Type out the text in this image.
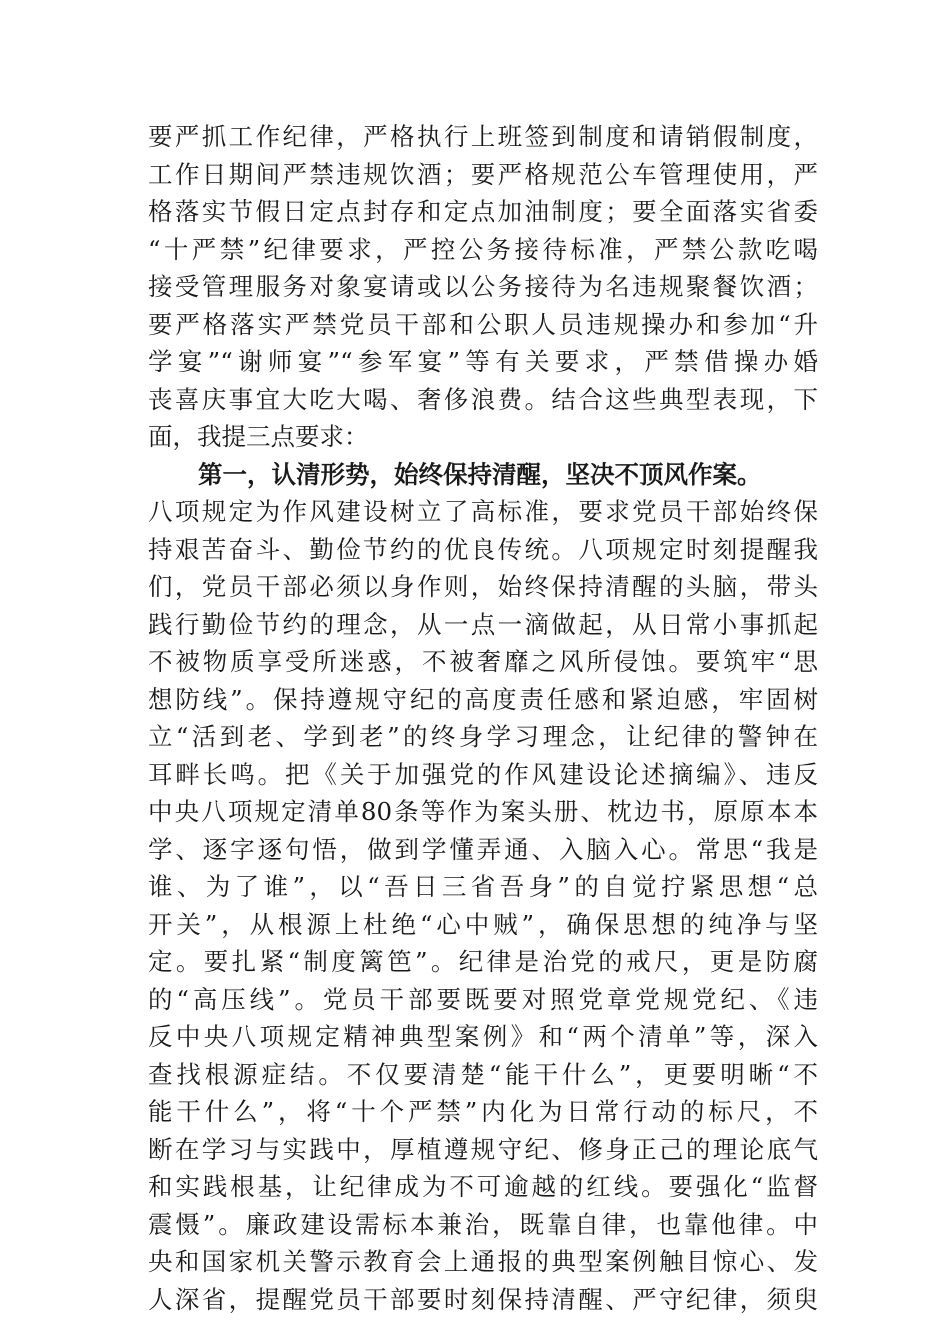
要严抓工作纪律，严格执行上班签到制度和请销假制度，
工作日期间严禁违规饮酒；要严格规范公车管理使用，严
格落实节假日定点封存和定点加油制度；要全面落实省委
“十严禁”纪律要求，严控公务接待标准，严禁公款吃喝
接受管理服务对象宴请或以公务接待为名违规聚餐饮酒；
要严格落实严禁党员干部和公职人员违规操办和参加“升
学宴”“谢师宴”“参军宴”等有关要求，严禁借操办婚
丧喜庆事宜大吃大喝、奢侈浪费。结合这些典型表现，下
面，我提三点要求：
第一，认清形势，始终保持清醒，坚决不顶风作案。
八项规定为作风建设树立了高标准，要求党员干部始终保
持艰苦奋斗、勤俭节约的优良传统。八项规定时刻提醒我
们，党员干部必须以身作则，始终保持清醒的头脑，带头
践行勤俭节约的理念，从一点一滴做起，从日常小事抓起
不被物质享受所迷惑，不被奢靡之风所侵蚀。要筑牢“思
想防线”。保持遵规守纪的高度责任感和紧迫感，牢固树
立“活到老、学到老”的终身学习理念，让纪律的警钟在
耳畔长鸣。把《关于加强党的作风建设论述摘编》、违反
中央八项规定清单80条等作为案头册、枕边书，原原本本
学、逐字逐句悟，做到学懂弄通、入脑入心。常思“我是
谁、为了谁”，以“吾日三省吾身”的自觉拧紧思想“总
开关”，从根源上杜绝“心中贼”，确保思想的纯净与坚
定。要扎紧“制度篱笆”。纪律是治党的戒尺，更是防腐
的“高压线”。党员干部要既要对照党章党规党纪、《违
反中央八项规定精神典型案例》和“两个清单”等，深入
查找根源症结。不仅要清楚“能干什么”，更要明晰“不
能干什么”，将“十个严禁”内化为日常行动的标尺，不
断在学习与实践中，厚植遵规守纪、修身正己的理论底气
和实践根基，让纪律成为不可逾越的红线。要强化“监督
震慑”。廉政建设需标本兼治，既靠自律，也靠他律。中
央和国家机关警示教育会上通报的典型案例触目惊心、发
人深省，提醒党员干部要时刻保持清醒、严守纪律，须臾
